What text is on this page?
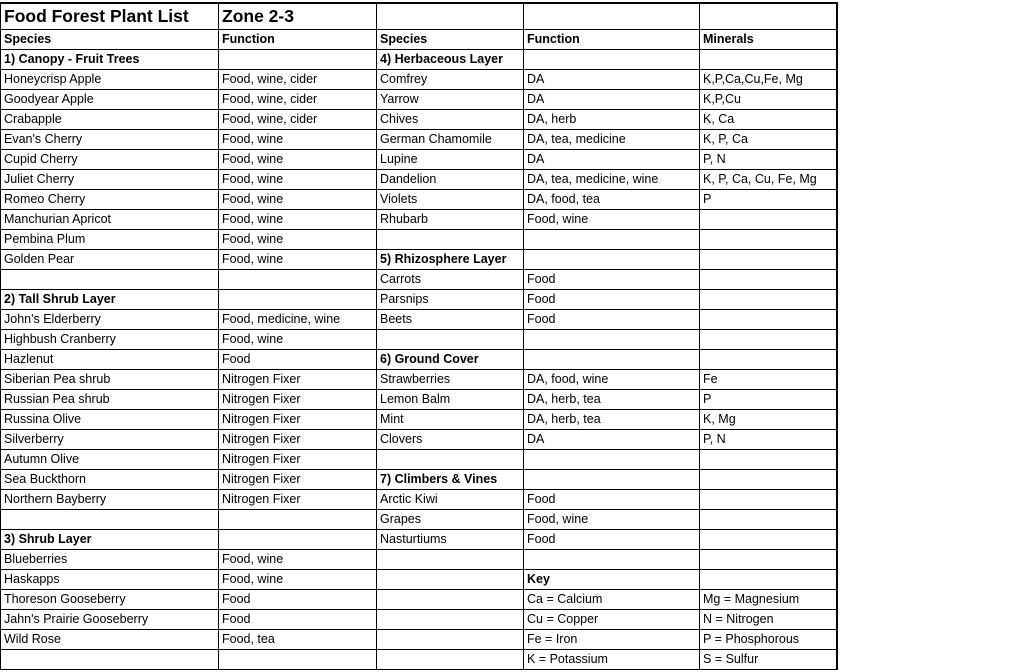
Food Forest Plant List	Zone 2-3			
Species	Function	Species	Function	Minerals
1) Canopy - Fruit Trees		4) Herbaceous Layer		
Honeycrisp Apple	Food, wine, cider	Comfrey	DA	K,P,Ca,Cu,Fe, Mg
Goodyear Apple	Food, wine, cider	Yarrow	DA	K,P,Cu
Crabapple	Food, wine, cider	Chives	DA, herb	K, Ca
Evan's Cherry	Food, wine	German Chamomile	DA, tea, medicine	K, P, Ca
Cupid Cherry	Food, wine	Lupine	DA	P, N
Juliet Cherry	Food, wine	Dandelion	DA, tea, medicine, wine	K, P, Ca, Cu, Fe, Mg
Romeo Cherry	Food, wine	Violets	DA, food, tea	P
Manchurian Apricot	Food, wine	Rhubarb	Food, wine	
Pembina Plum	Food, wine			
Golden Pear	Food, wine	5) Rhizosphere Layer		
		Carrots	Food	
2) Tall Shrub Layer		Parsnips	Food	
John's Elderberry	Food, medicine, wine	Beets	Food	
Highbush Cranberry	Food, wine			
Hazlenut	Food	6) Ground Cover		
Siberian Pea shrub	Nitrogen Fixer	Strawberries	DA, food, wine	Fe
Russian Pea shrub	Nitrogen Fixer	Lemon Balm	DA, herb, tea	P
Russina Olive	Nitrogen Fixer	Mint	DA, herb, tea	K, Mg
Silverberry	Nitrogen Fixer	Clovers	DA	P, N
Autumn Olive	Nitrogen Fixer			
Sea Buckthorn	Nitrogen Fixer	7) Climbers & Vines		
Northern Bayberry	Nitrogen Fixer	Arctic Kiwi	Food	
		Grapes	Food, wine	
3) Shrub Layer		Nasturtiums	Food	
Blueberries	Food, wine			
Haskapps	Food, wine		Key	
Thoreson Gooseberry	Food		Ca = Calcium	Mg = Magnesium
Jahn's Prairie Gooseberry	Food		Cu = Copper	N = Nitrogen
Wild Rose	Food, tea		Fe = Iron	P = Phosphorous
			K = Potassium	S = Sulfur
